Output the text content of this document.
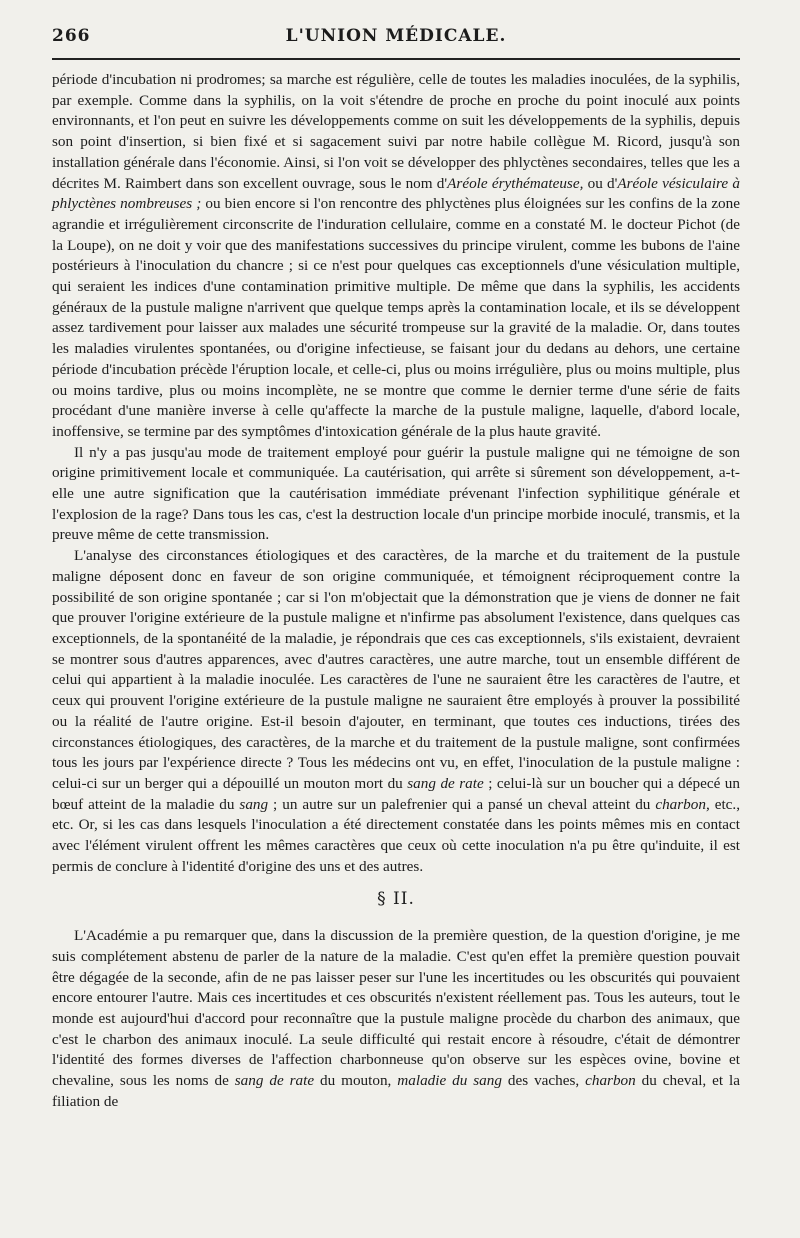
266	L'UNION MÉDICALE.

période d'incubation ni prodromes; sa marche est régulière, celle de toutes les maladies inoculées, de la syphilis, par exemple. Comme dans la syphilis, on la voit s'étendre de proche en proche du point inoculé aux points environnants, et l'on peut en suivre les développements comme on suit les développements de la syphilis, depuis son point d'insertion, si bien fixé et si sagacement suivi par notre habile collègue M. Ricord, jusqu'à son installation générale dans l'économie. Ainsi, si l'on voit se développer des phlyctènes secondaires, telles que les a décrites M. Raimbert dans son excellent ouvrage, sous le nom d'Aréole érythémateuse, ou d'Aréole vésiculaire à phlyctènes nombreuses ; ou bien encore si l'on rencontre des phlyctènes plus éloignées sur les confins de la zone agrandie et irrégulièrement circonscrite de l'induration cellulaire, comme en a constaté M. le docteur Pichot (de la Loupe), on ne doit y voir que des manifestations successives du principe virulent, comme les bubons de l'aine postérieurs à l'inoculation du chancre ; si ce n'est pour quelques cas exceptionnels d'une vésiculation multiple, qui seraient les indices d'une contamination primitive multiple. De même que dans la syphilis, les accidents généraux de la pustule maligne n'arrivent que quelque temps après la contamination locale, et ils se développent assez tardivement pour laisser aux malades une sécurité trompeuse sur la gravité de la maladie. Or, dans toutes les maladies virulentes spontanées, ou d'origine infectieuse, se faisant jour du dedans au dehors, une certaine période d'incubation précède l'éruption locale, et celle-ci, plus ou moins irrégulière, plus ou moins multiple, plus ou moins tardive, plus ou moins incomplète, ne se montre que comme le dernier terme d'une série de faits procédant d'une manière inverse à celle qu'affecte la marche de la pustule maligne, laquelle, d'abord locale, inoffensive, se termine par des symptômes d'intoxication générale de la plus haute gravité.

Il n'y a pas jusqu'au mode de traitement employé pour guérir la pustule maligne qui ne témoigne de son origine primitivement locale et communiquée. La cautérisation, qui arrête si sûrement son développement, a-t-elle une autre signification que la cautérisation immédiate prévenant l'infection syphilitique générale et l'explosion de la rage? Dans tous les cas, c'est la destruction locale d'un principe morbide inoculé, transmis, et la preuve même de cette transmission.

L'analyse des circonstances étiologiques et des caractères, de la marche et du traitement de la pustule maligne déposent donc en faveur de son origine communiquée, et témoignent réciproquement contre la possibilité de son origine spontanée ; car si l'on m'objectait que la démonstration que je viens de donner ne fait que prouver l'origine extérieure de la pustule maligne et n'infirme pas absolument l'existence, dans quelques cas exceptionnels, de la spontanéité de la maladie, je répondrais que ces cas exceptionnels, s'ils existaient, devraient se montrer sous d'autres apparences, avec d'autres caractères, une autre marche, tout un ensemble différent de celui qui appartient à la maladie inoculée. Les caractères de l'une ne sauraient être les caractères de l'autre, et ceux qui prouvent l'origine extérieure de la pustule maligne ne sauraient être employés à prouver la possibilité ou la réalité de l'autre origine. Est-il besoin d'ajouter, en terminant, que toutes ces inductions, tirées des circonstances étiologiques, des caractères, de la marche et du traitement de la pustule maligne, sont confirmées tous les jours par l'expérience directe ? Tous les médecins ont vu, en effet, l'inoculation de la pustule maligne : celui-ci sur un berger qui a dépouillé un mouton mort du sang de rate ; celui-là sur un boucher qui a dépecé un bœuf atteint de la maladie du sang ; un autre sur un palefrenier qui a pansé un cheval atteint du charbon, etc., etc. Or, si les cas dans lesquels l'inoculation a été directement constatée dans les points mêmes mis en contact avec l'élément virulent offrent les mêmes caractères que ceux où cette inoculation n'a pu être qu'induite, il est permis de conclure à l'identité d'origine des uns et des autres.

§ II.

L'Académie a pu remarquer que, dans la discussion de la première question, de la question d'origine, je me suis complétement abstenu de parler de la nature de la maladie. C'est qu'en effet la première question pouvait être dégagée de la seconde, afin de ne pas laisser peser sur l'une les incertitudes ou les obscurités qui pouvaient encore entourer l'autre. Mais ces incertitudes et ces obscurités n'existent réellement pas. Tous les auteurs, tout le monde est aujourd'hui d'accord pour reconnaître que la pustule maligne procède du charbon des animaux, que c'est le charbon des animaux inoculé. La seule difficulté qui restait encore à résoudre, c'était de démontrer l'identité des formes diverses de l'affection charbonneuse qu'on observe sur les espèces ovine, bovine et chevaline, sous les noms de sang de rate du mouton, maladie du sang des vaches, charbon du cheval, et la filiation de
